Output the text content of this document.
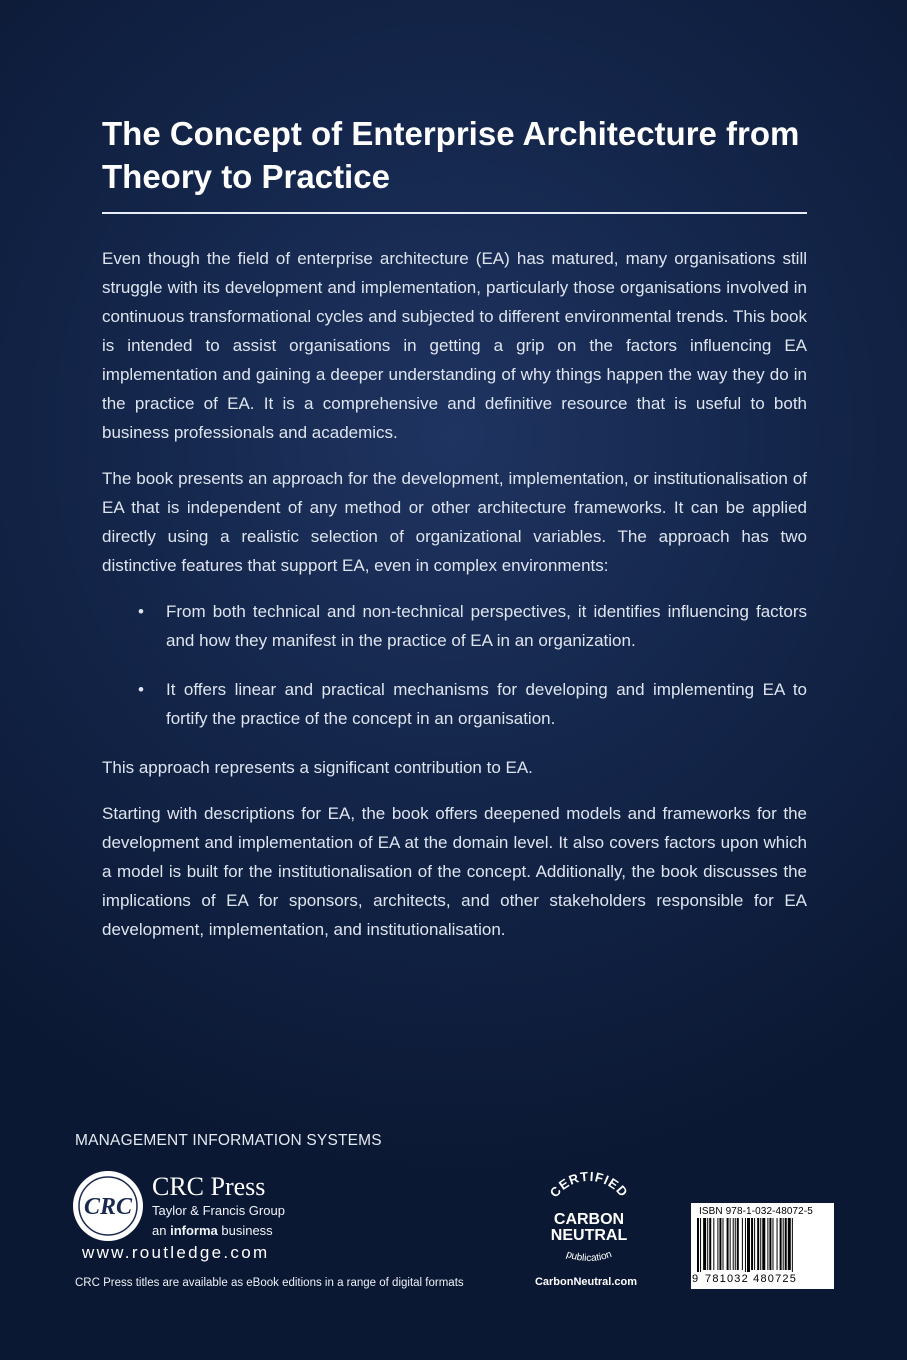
The Concept of Enterprise Architecture from Theory to Practice

Even though the field of enterprise architecture (EA) has matured, many organisations still struggle with its development and implementation, particularly those organisations involved in continuous transformational cycles and subjected to different environmental trends. This book is intended to assist organisations in getting a grip on the factors influencing EA implementation and gaining a deeper understanding of why things happen the way they do in the practice of EA. It is a comprehensive and definitive resource that is useful to both business professionals and academics.

The book presents an approach for the development, implementation, or institutionalisation of EA that is independent of any method or other architecture frameworks. It can be applied directly using a realistic selection of organizational variables. The approach has two distinctive features that support EA, even in complex environments:

• From both technical and non-technical perspectives, it identifies influencing factors and how they manifest in the practice of EA in an organization.
• It offers linear and practical mechanisms for developing and implementing EA to fortify the practice of the concept in an organisation.

This approach represents a significant contribution to EA.

Starting with descriptions for EA, the book offers deepened models and frameworks for the development and implementation of EA at the domain level. It also covers factors upon which a model is built for the institutionalisation of the concept. Additionally, the book discusses the implications of EA for sponsors, architects, and other stakeholders responsible for EA development, implementation, and institutionalisation.

MANAGEMENT INFORMATION SYSTEMS
CRC
CRC Press
Taylor & Francis Group
an informa business
www.routledge.com
CRC Press titles are available as eBook editions in a range of digital formats
CERTIFIED
CARBON
NEUTRAL
publication
CarbonNeutral.com
ISBN 978-1-032-48072-5
9 781032 480725
